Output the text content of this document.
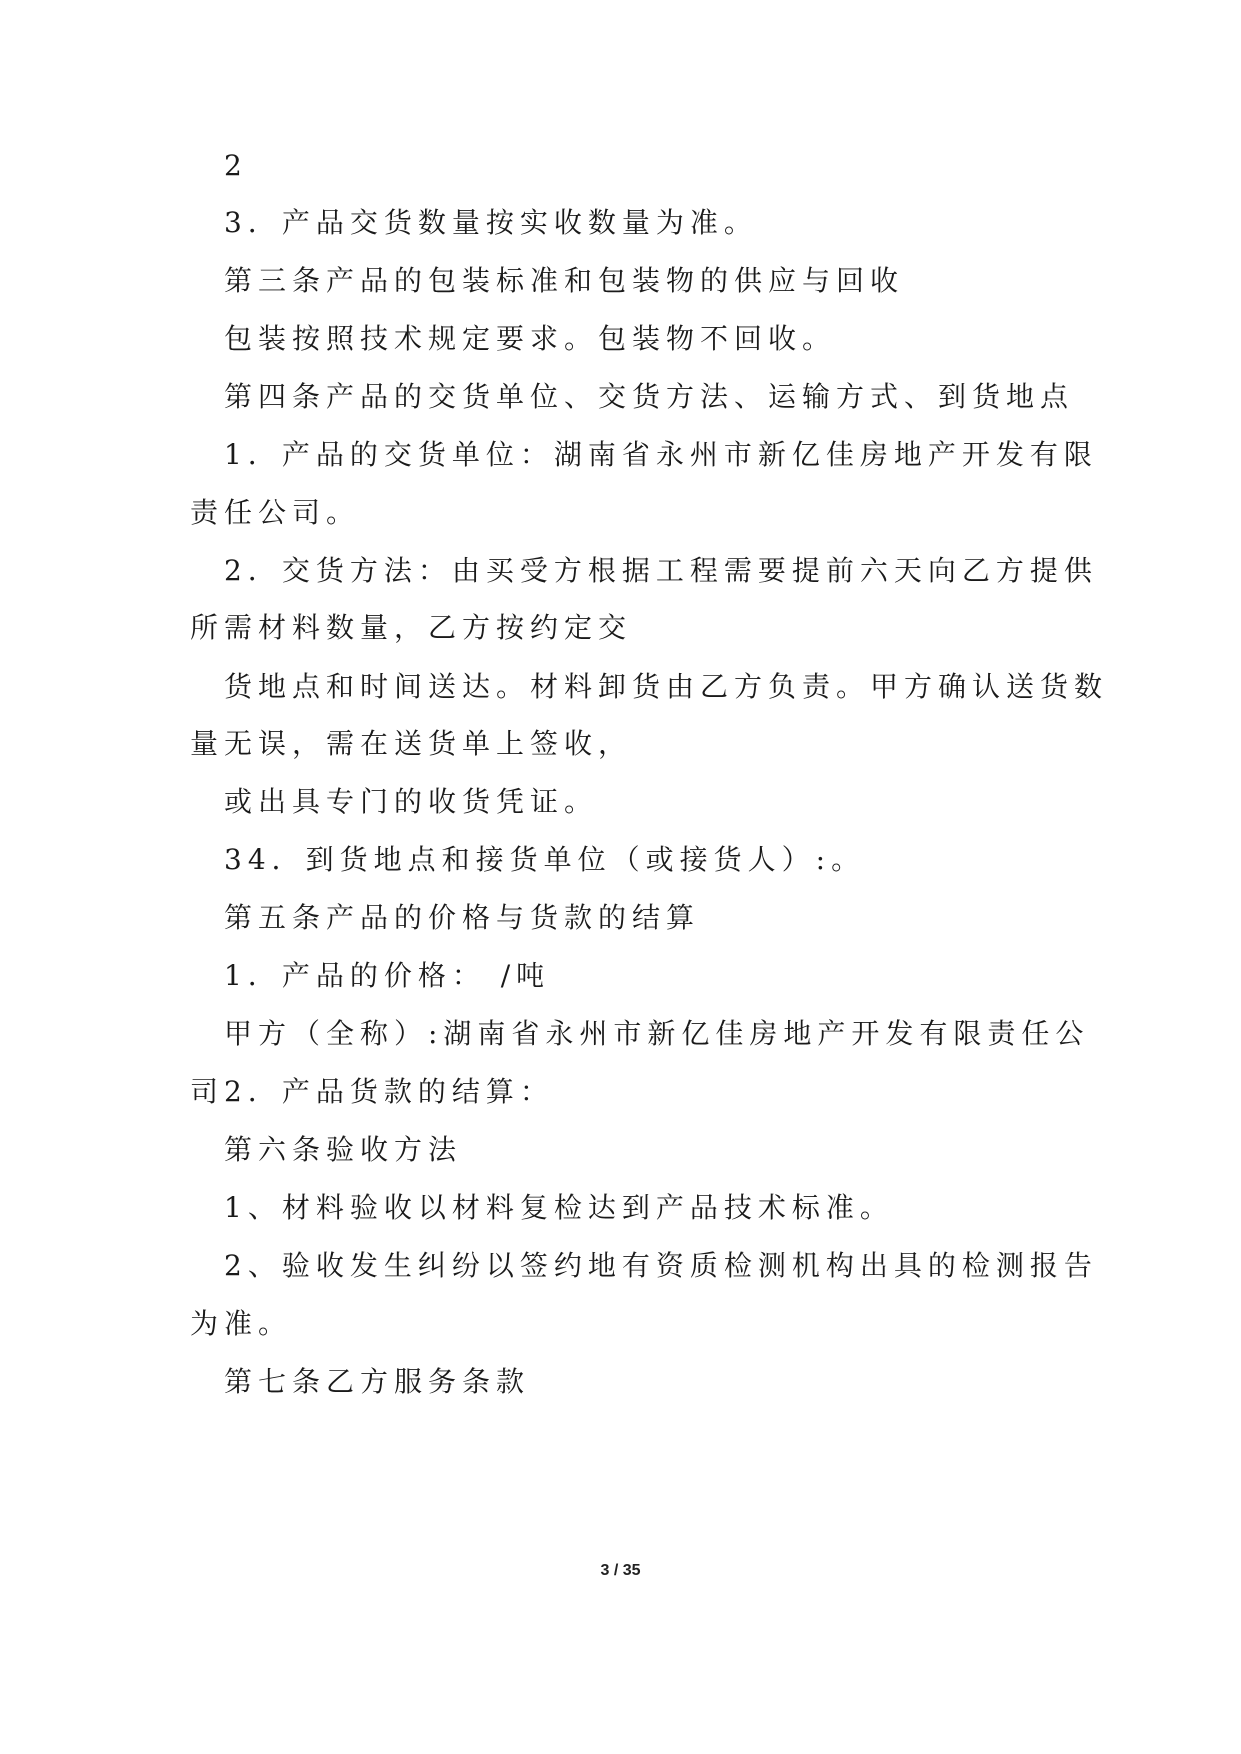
2

3．产品交货数量按实收数量为准。

第三条产品的包装标准和包装物的供应与回收

包装按照技术规定要求。包装物不回收。

第四条产品的交货单位、交货方法、运输方式、到货地点

1．产品的交货单位：湖南省永州市新亿佳房地产开发有限

责任公司。

2．交货方法：由买受方根据工程需要提前六天向乙方提供

所需材料数量，乙方按约定交

货地点和时间送达。材料卸货由乙方负责。甲方确认送货数

量无误，需在送货单上签收，

或出具专门的收货凭证。

34．到货地点和接货单位（或接货人）:。

第五条产品的价格与货款的结算

1．产品的价格： /吨

甲方（全称）:湖南省永州市新亿佳房地产开发有限责任公

司2．产品货款的结算：

第六条验收方法

1、材料验收以材料复检达到产品技术标准。

2、验收发生纠纷以签约地有资质检测机构出具的检测报告

为准。

第七条乙方服务条款

3 / 35
